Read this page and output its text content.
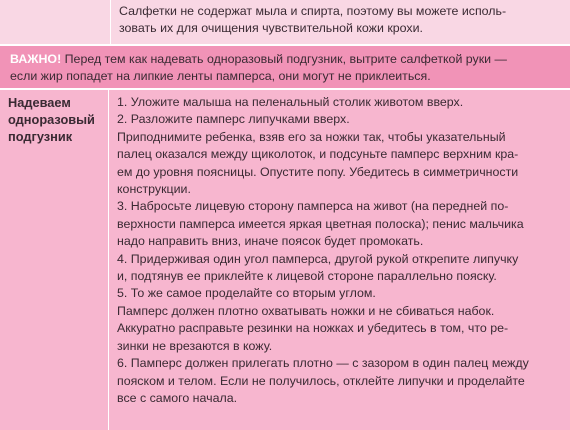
Салфетки не содержат мыла и спирта, поэтому вы можете исполь-
зовать их для очищения чувствительной кожи крохи.
ВАЖНО! Перед тем как надевать одноразовый подгузник, вытрите салфеткой руки —
если жир попадет на липкие ленты памперса, они могут не приклеиться.
Надеваем
одноразовый
подгузник
1. Уложите малыша на пеленальный столик животом вверх.
2. Разложите памперс липучками вверх.
Приподнимите ребенка, взяв его за ножки так, чтобы указательный
палец оказался между щиколоток, и подсуньте памперс верхним кра-
ем до уровня поясницы. Опустите попу. Убедитесь в симметричности
конструкции.
3. Набросьте лицевую сторону памперса на живот (на передней по-
верхности памперса имеется яркая цветная полоска); пенис мальчика
надо направить вниз, иначе поясок будет промокать.
4. Придерживая один угол памперса, другой рукой открепите липучку
и, подтянув ее приклейте к лицевой стороне параллельно пояску.
5. То же самое проделайте со вторым углом.
Памперс должен плотно охватывать ножки и не сбиваться набок.
Аккуратно расправьте резинки на ножках и убедитесь в том, что ре-
зинки не врезаются в кожу.
6. Памперс должен прилегать плотно — с зазором в один палец между
пояском и телом. Если не получилось, отклейте липучки и проделайте
все с самого начала.
